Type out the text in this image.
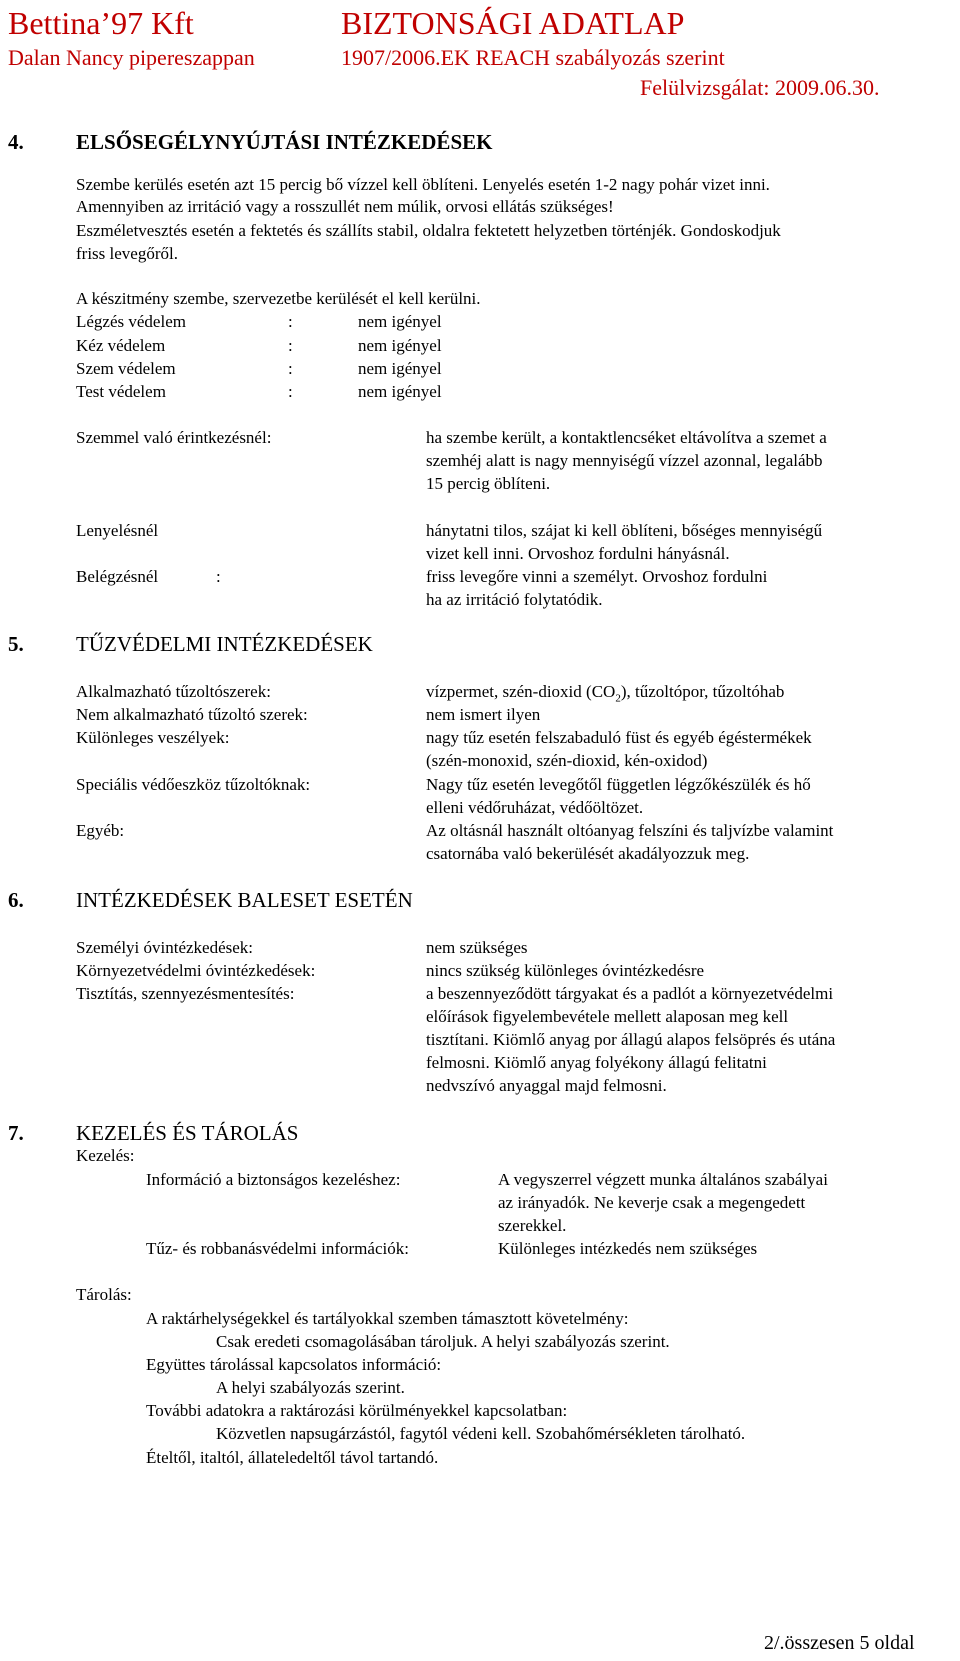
Bettina’97 Kft
Dalan Nancy pipereszappan
BIZTONSÁGI ADATLAP
1907/2006.EK REACH szabályozás szerint
Felülvizsgálat: 2009.06.30.
4. ELSŐSEGÉLYNYÚJTÁSI INTÉZKEDÉSEK
Szembe kerülés esetén azt 15 percig bő vízzel kell öblíteni. Lenyelés esetén 1-2 nagy pohár vizet inni.
Amennyiben az irritáció vagy a rosszullét nem múlik, orvosi ellátás szükséges!
Eszméletvesztés esetén a fektetés és szállíts stabil, oldalra fektetett helyzetben történjék. Gondoskodjuk
friss levegőről.
A készitmény szembe, szervezetbe kerülését el kell kerülni.
Légzés védelem	:	nem igényel
Kéz védelem	:	nem igényel
Szem védelem	:	nem igényel
Test védelem	:	nem igényel
Szemmel való érintkezésnél:	ha szembe került, a kontaktlencséket eltávolítva a szemet a
szemhéj alatt is nagy mennyiségű vízzel azonnal, legalább
15 percig öblíteni.
Lenyelésnél	hánytatni tilos, szájat ki kell öblíteni, bőséges mennyiségű
vizet kell inni. Orvoshoz fordulni hányásnál.
Belégzésnél	:	friss levegőre vinni a személyt. Orvoshoz fordulni
ha az irritáció folytatódik.
5. TŰZVÉDELMI INTÉZKEDÉSEK
Alkalmazható tűzoltószerek:	vízpermet, szén-dioxid $(CO_2)$, tűzoltópor, tűzoltóhab
Nem alkalmazható tűzoltó szerek:	nem ismert ilyen
Különleges veszélyek:	nagy tűz esetén felszabaduló füst és egyéb égéstermékek
(szén-monoxid, szén-dioxid, kén-oxidod)
Speciális védőeszköz tűzoltóknak:	Nagy tűz esetén levegőtől független légzőkészülék és hő
elleni védőruházat, védőöltözet.
Egyéb:	Az oltásnál használt oltóanyag felszíni és taljvízbe valamint
csatornába való bekerülését akadályozzuk meg.
6. INTÉZKEDÉSEK BALESET ESETÉN
Személyi óvintézkedések:	nem szükséges
Környezetvédelmi óvintézkedések:	nincs szükség különleges óvintézkedésre
Tisztítás, szennyezésmentesítés:	a beszennyeződött tárgyakat és a padlót a környezetvédelmi
előírások figyelembevétele mellett alaposan meg kell
tisztítani. Kiömlő anyag por állagú alapos felsöprés és utána
felmosni. Kiömlő anyag folyékony állagú felitatni
nedvszívó anyaggal majd felmosni.
7. KEZELÉS ÉS TÁROLÁS
Kezelés:
Információ a biztonságos kezeléshez:	A vegyszerrel végzett munka általános szabályai
az irányadók. Ne keverje csak a megengedett
szerekkel.
Tűz- és robbanásvédelmi információk:	Különleges intézkedés nem szükséges
Tárolás:
A raktárhelységekkel és tartályokkal szemben támasztott követelmény:
Csak eredeti csomagolásában tároljuk. A helyi szabályozás szerint.
Együttes tárolással kapcsolatos információ:
A helyi szabályozás szerint.
További adatokra a raktározási körülményekkel kapcsolatban:
Közvetlen napsugárzástól, fagytól védeni kell. Szobahőmérsékleten tárolható.
Ételtől, italtól, állateledeltől távol tartandó.
2/.összesen 5 oldal
